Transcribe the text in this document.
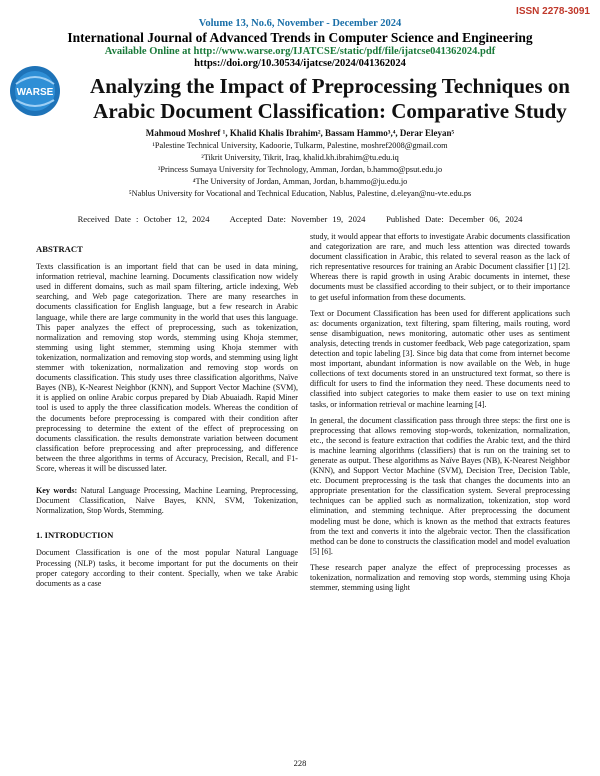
ISSN 2278-3091
Volume 13, No.6, November - December 2024
International Journal of Advanced Trends in Computer Science and Engineering
Available Online at http://www.warse.org/IJATCSE/static/pdf/file/ijatcse041362024.pdf
https://doi.org/10.30534/ijatcse/2024/041362024
WARSE	Analyzing the Impact of Preprocessing Techniques on
Arabic Document Classification: Comparative Study
Mahmoud Moshref ¹, Khalid Khalis Ibrahim², Bassam Hammo³,⁴, Derar Eleyan⁵
¹Palestine Technical University, Kadoorie, Tulkarm, Palestine, moshref2008@gmail.com
²Tikrit University, Tikrit, Iraq, khalid.kh.ibrahim@tu.edu.iq
³Princess Sumaya University for Technology, Amman, Jordan, b.hammo@psut.edu.jo
⁴The University of Jordan, Amman, Jordan, b.hammo@ju.edu.jo
⁵Nablus University for Vocational and Technical Education, Nablus, Palestine, d.eleyan@nu-vte.edu.ps
Received Date : October 12, 2024 Accepted Date: November 19, 2024 Published Date: December 06, 2024
ABSTRACT

Texts classification is an important field that can be used in data mining, information retrieval, machine learning. Documents classification now widely used in different domains, such as mail spam filtering, article indexing, Web searching, and Web page categorization. There are many researches in documents classification for English language, but a few research in Arabic language, while there are large community in the world that uses this language. This paper analyzes the effect of preprocessing, such as tokenization, normalization and removing stop words, stemming using Khoja stemmer, stemming using light stemmer, stemming using Khoja stemmer with tokenization, normalization and removing stop words, and stemming using light stemmer with tokenization, normalization and removing stop words on documents classification. This study uses three classification algorithms, Naïve Bayes (NB), K-Nearest Neighbor (KNN), and Support Vector Machine (SVM), it is applied on online Arabic corpus prepared by Diab Abuaiadh. Rapid Miner tool is used to apply the three classification models. Whereas the condition of the documents before preprocessing is compared with their condition after preprocessing to determine the extent of the effect of preprocessing on documents classification. the results demonstrate variation between document classification before preprocessing and after preprocessing, and difference between the three algorithms in terms of Accuracy, Precision, Recall, and F1-Score, whereas it will be discussed later.

Key words: Natural Language Processing, Machine Learning, Preprocessing, Document Classification, Naïve Bayes, KNN, SVM, Tokenization, Normalization, Stop Words, Stemming.

1. INTRODUCTION

Document Classification is one of the most popular Natural Language Processing (NLP) tasks, it become important for put the documents on their proper category according to their content. Specially, when we take Arabic documents as a case

study, it would appear that efforts to investigate Arabic documents classification and categorization are rare, and much less attention was directed towards document classification in Arabic, this related to several reason as the lack of rich representative resources for training an Arabic Document classifier [1] [2]. Whereas there is rapid growth in using Arabic documents in internet, these documents must be classified according to their subject, or to their importance to get useful information from these documents.

Text or Document Classification has been used for different applications such as: documents organization, text filtering, spam filtering, mails routing, word sense disambiguation, news monitoring, automatic other uses as sentiment analysis, detecting trends in customer feedback, Web page categorization, spam detection and topic labeling [3]. Since big data that come from internet become most important, abundant information is now available on the Web, in huge collections of text documents stored in an unstructured text format, so there is difficult for users to find the information they need. These documents need to classified into subject categories to make them easier to use on text mining tasks, or information retrieval or machine learning [4].

In general, the document classification pass through three steps: the first one is preprocessing that allows removing stop-words, tokenization, normalization, etc., the second is feature extraction that codifies the Arabic text, and the third is machine learning algorithms (classifiers) that is run on the training set to generate as output. These algorithms as Naïve Bayes (NB), K-Nearest Neighbor (KNN), and Support Vector Machine (SVM), Decision Tree, Decision Table, etc. Document preprocessing is the task that changes the documents into an appropriate presentation for the classification system. Several preprocessing techniques can be applied such as normalization, tokenization, stop word elimination, and stemming technique. After preprocessing the document modeling must be done, which is known as the method that extracts features from the text and converts it into the algebraic vector. Then the classification method can be done to constructs the classification model and model evaluation [5] [6].

These research paper analyze the effect of preprocessing processes as tokenization, normalization and removing stop words, stemming using Khoja stemmer, stemming using light

228
